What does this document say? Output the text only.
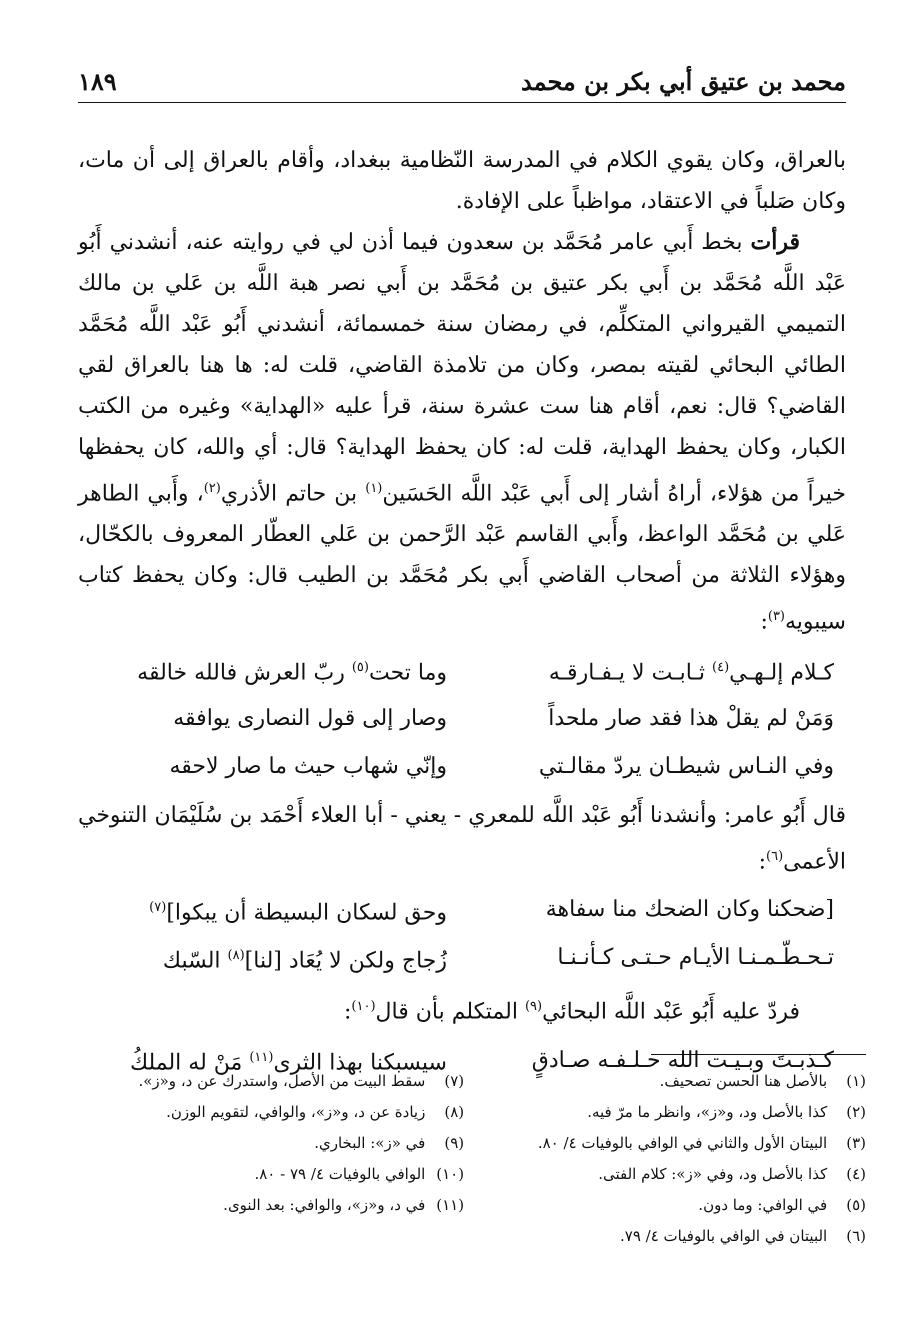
محمد بن عتيق أبي بكر بن محمد
١٨٩

بالعراق، وكان يقوي الكلام في المدرسة النّظامية ببغداد، وأقام بالعراق إلى أن مات، وكان صَلباً في الاعتقاد، مواظباً على الإفادة.

قرأت بخط أَبي عامر مُحَمَّد بن سعدون فيما أذن لي في روايته عنه، أنشدني أَبُو عَبْد اللَّه مُحَمَّد بن أَبي بكر عتيق بن مُحَمَّد بن أَبي نصر هبة اللَّه بن عَلي بن مالك التميمي القيرواني المتكلِّم، في رمضان سنة خمسمائة، أنشدني أَبُو عَبْد اللَّه مُحَمَّد الطائي البحائي لقيته بمصر، وكان من تلامذة القاضي، قلت له: ها هنا بالعراق لقي القاضي؟ قال: نعم، أقام هنا ست عشرة سنة، قرأ عليه «الهداية» وغيره من الكتب الكبار، وكان يحفظ الهداية، قلت له: كان يحفظ الهداية؟ قال: أي والله، كان يحفظها خيراً من هؤلاء، أراهُ أشار إلى أَبي عَبْد اللَّه الحَسَين$^{(١)}$ بن حاتم الأذري$^{(٢)}$، وأَبي الطاهر عَلي بن مُحَمَّد الواعظ، وأَبي القاسم عَبْد الرَّحمن بن عَلي العطّار المعروف بالكحّال، وهؤلاء الثلاثة من أصحاب القاضي أَبي بكر مُحَمَّد بن الطيب قال: وكان يحفظ كتاب سيبويه$^{(٣)}$:

كـلام إلـهـي$^{(٤)}$ ثـابـت لا يـفـارقـه
وما تحت$^{(٥)}$ ربّ العرش فالله خالقه
وَمَنْ لم يقلْ هذا فقد صار ملحداً
وصار إلى قول النصارى يوافقه
وفي النـاس شيطـان يردّ مقالـتي
وإنّي شهاب حيث ما صار لاحقه

قال أَبُو عامر: وأنشدنا أَبُو عَبْد اللَّه للمعري - يعني - أبا العلاء أَحْمَد بن سُلَيْمَان التنوخي الأعمى$^{(٦)}$:

[ضحكنا وكان الضحك منا سفاهة
وحق لسكان البسيطة أن يبكوا]$^{(٧)}$
تـحـطّـمـنـا الأيـام حـتـى كـأنـنـا
زُجاج ولكن لا يُعَاد [لنا]$^{(٨)}$ السّبك

فردّ عليه أَبُو عَبْد اللَّه البحائي$^{(٩)}$ المتكلم بأن قال$^{(١٠)}$:

كـذبـتَ وبـيـت الله حـلـفـه صـادقٍ
سيسبكنا بهذا الثرى$^{(١١)}$ مَنْ له الملكُ
(١) بالأصل هنا الحسن تصحيف.
(٢) كذا بالأصل ود، و«ز»، وانظر ما مرّ فيه.
(٣) البيتان الأول والثاني في الوافي بالوفيات ٤/ ٨٠.
(٤) كذا بالأصل ود، وفي «ز»: كلام الفتى.
(٥) في الوافي: وما دون.
(٦) البيتان في الوافي بالوفيات ٤/ ٧٩.
(٧) سقط البيت من الأصل، واستدرك عن د، و«ز».
(٨) زيادة عن د، و«ز»، والوافي، لتقويم الوزن.
(٩) في «ز»: البخاري.
(١٠) الوافي بالوفيات ٤/ ٧٩ - ٨٠.
(١١) في د، و«ز»، والوافي: بعد النوى.
